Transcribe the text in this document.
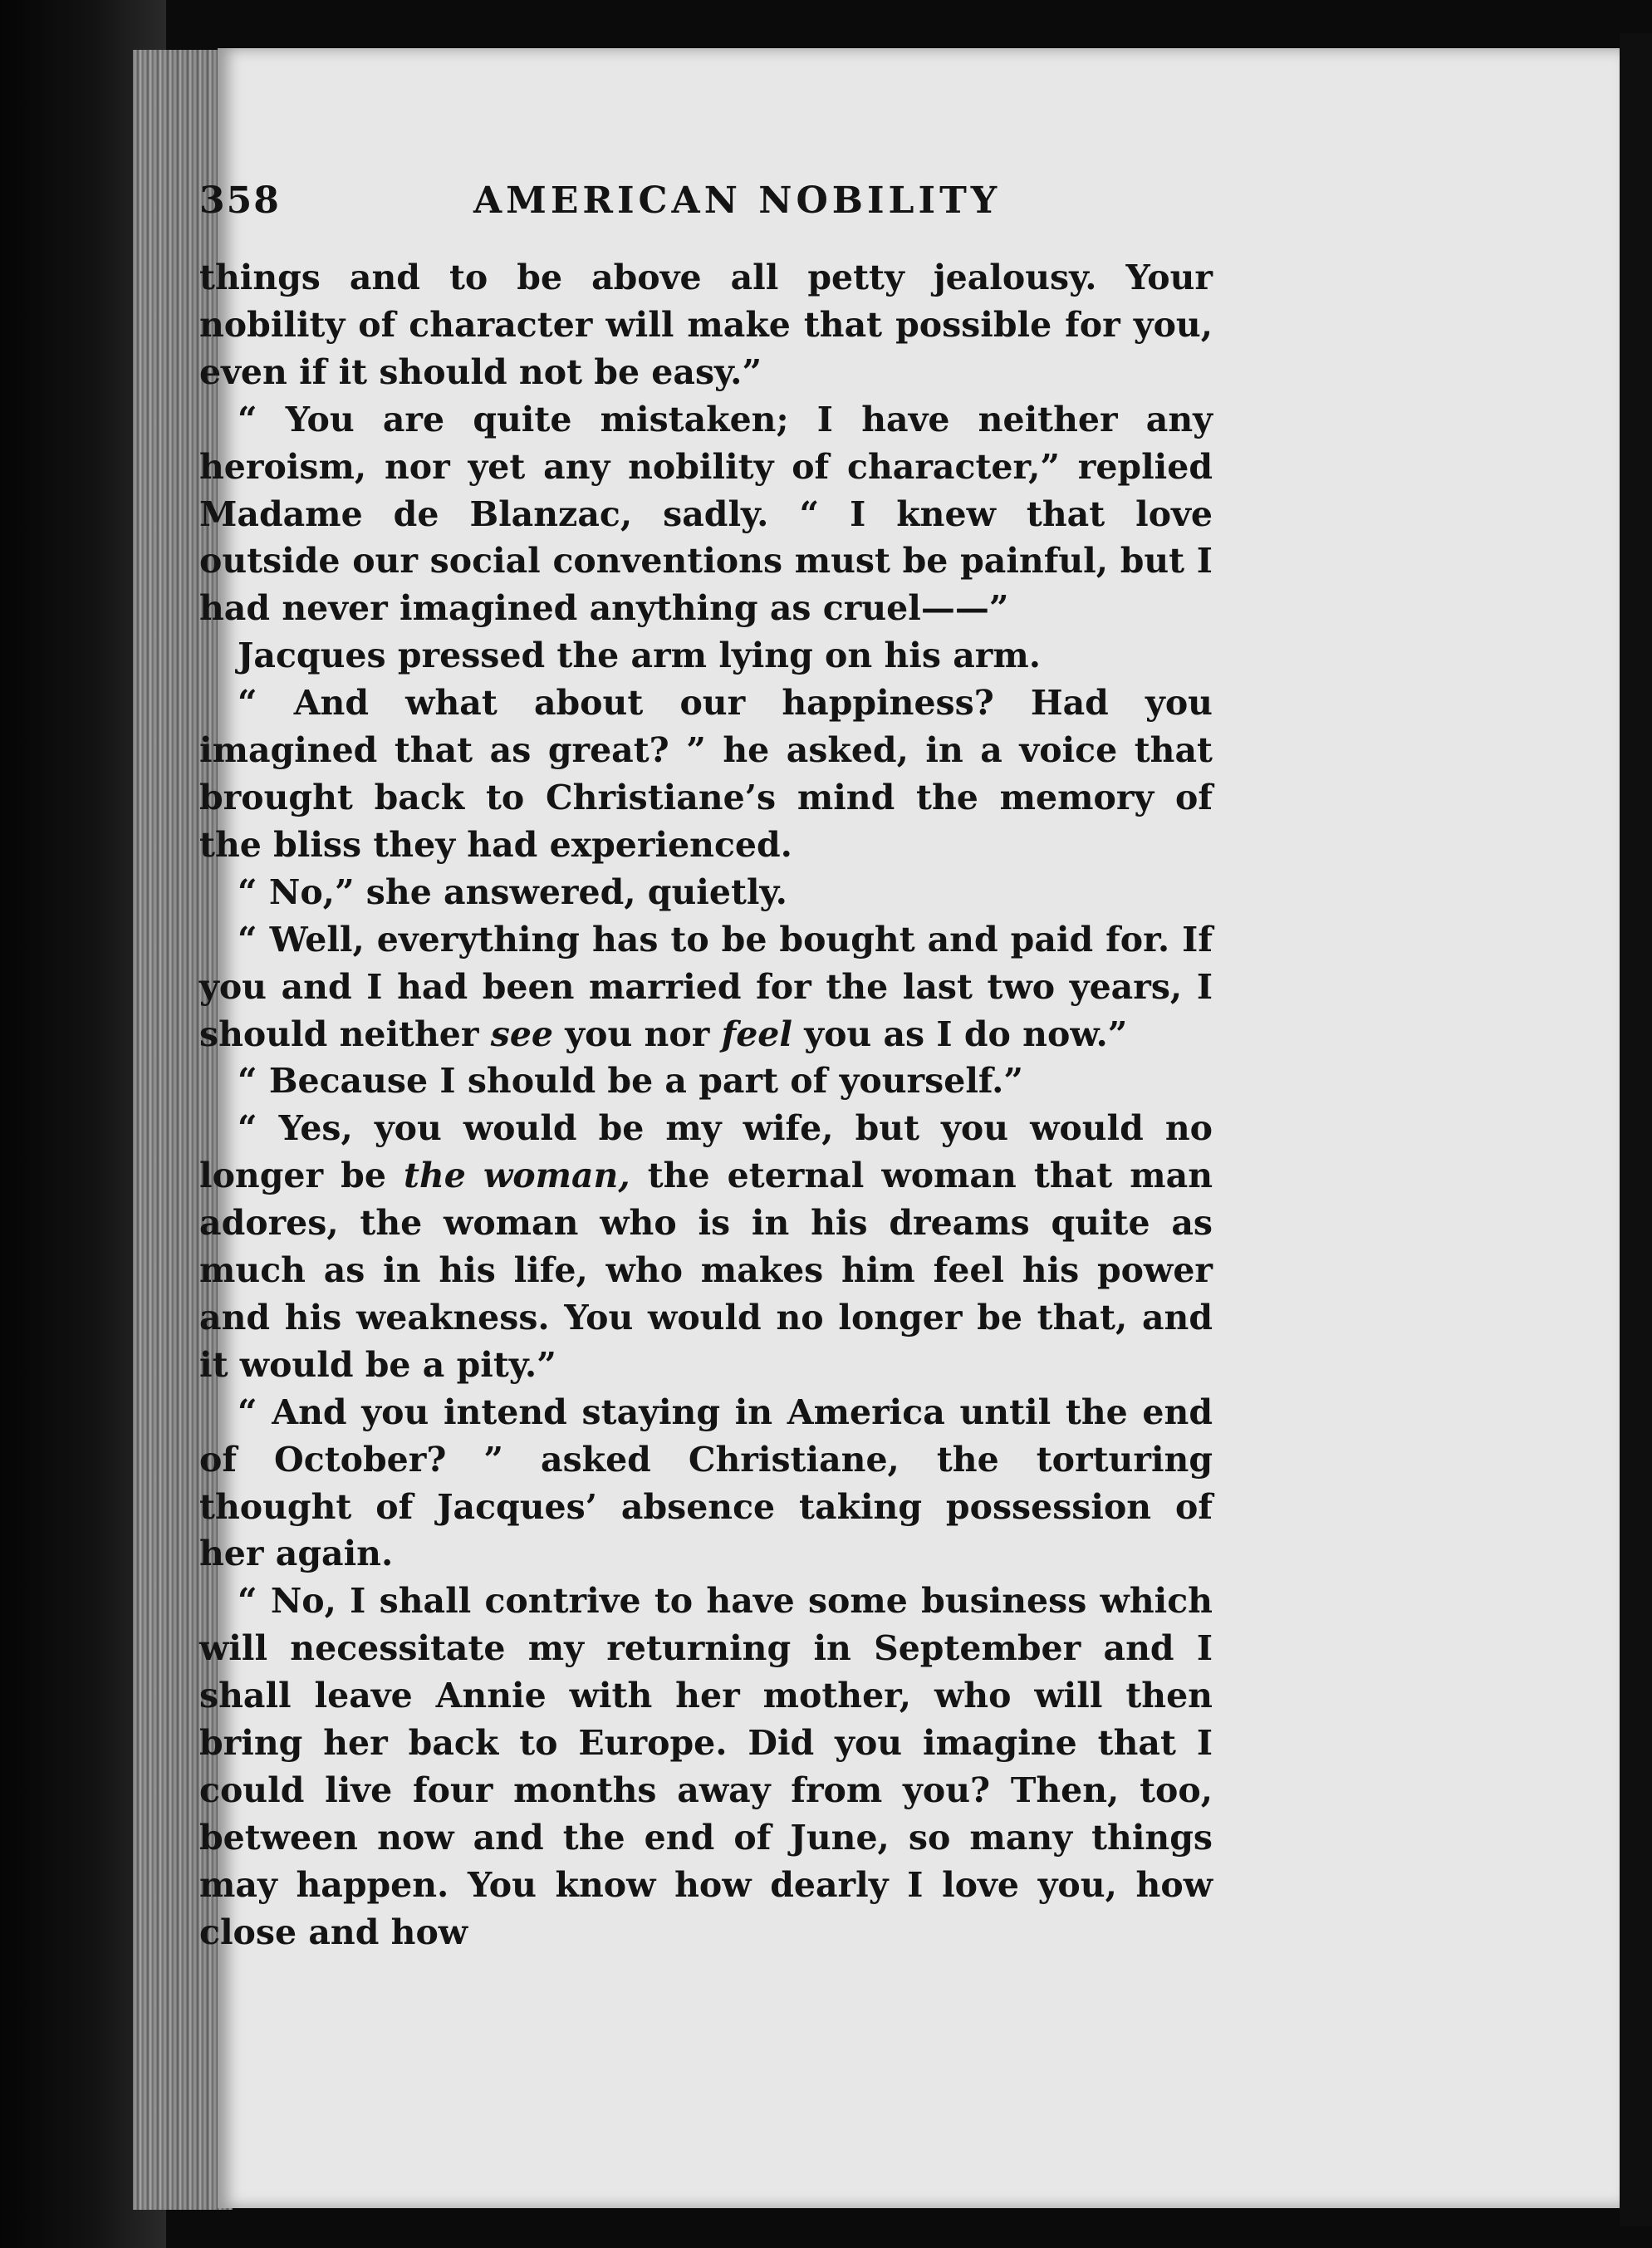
358	AMERICAN NOBILITY

things and to be above all petty jealousy. Your nobility of character will make that possible for you, even if it should not be easy.”

“ You are quite mistaken; I have neither any heroism, nor yet any nobility of character,” replied Madame de Blanzac, sadly. “ I knew that love outside our social conventions must be painful, but I had never imagined anything as cruel——”

Jacques pressed the arm lying on his arm.

“ And what about our happiness? Had you imagined that as great? ” he asked, in a voice that brought back to Christiane’s mind the memory of the bliss they had experienced.

“ No,” she answered, quietly.

“ Well, everything has to be bought and paid for. If you and I had been married for the last two years, I should neither see you nor feel you as I do now.”

“ Because I should be a part of yourself.”

“ Yes, you would be my wife, but you would no longer be the woman, the eternal woman that man adores, the woman who is in his dreams quite as much as in his life, who makes him feel his power and his weakness. You would no longer be that, and it would be a pity.”

“ And you intend staying in America until the end of October? ” asked Christiane, the torturing thought of Jacques’ absence taking possession of her again.

“ No, I shall contrive to have some business which will necessitate my returning in September and I shall leave Annie with her mother, who will then bring her back to Europe. Did you imagine that I could live four months away from you? Then, too, between now and the end of June, so many things may happen. You know how dearly I love you, how close and how
